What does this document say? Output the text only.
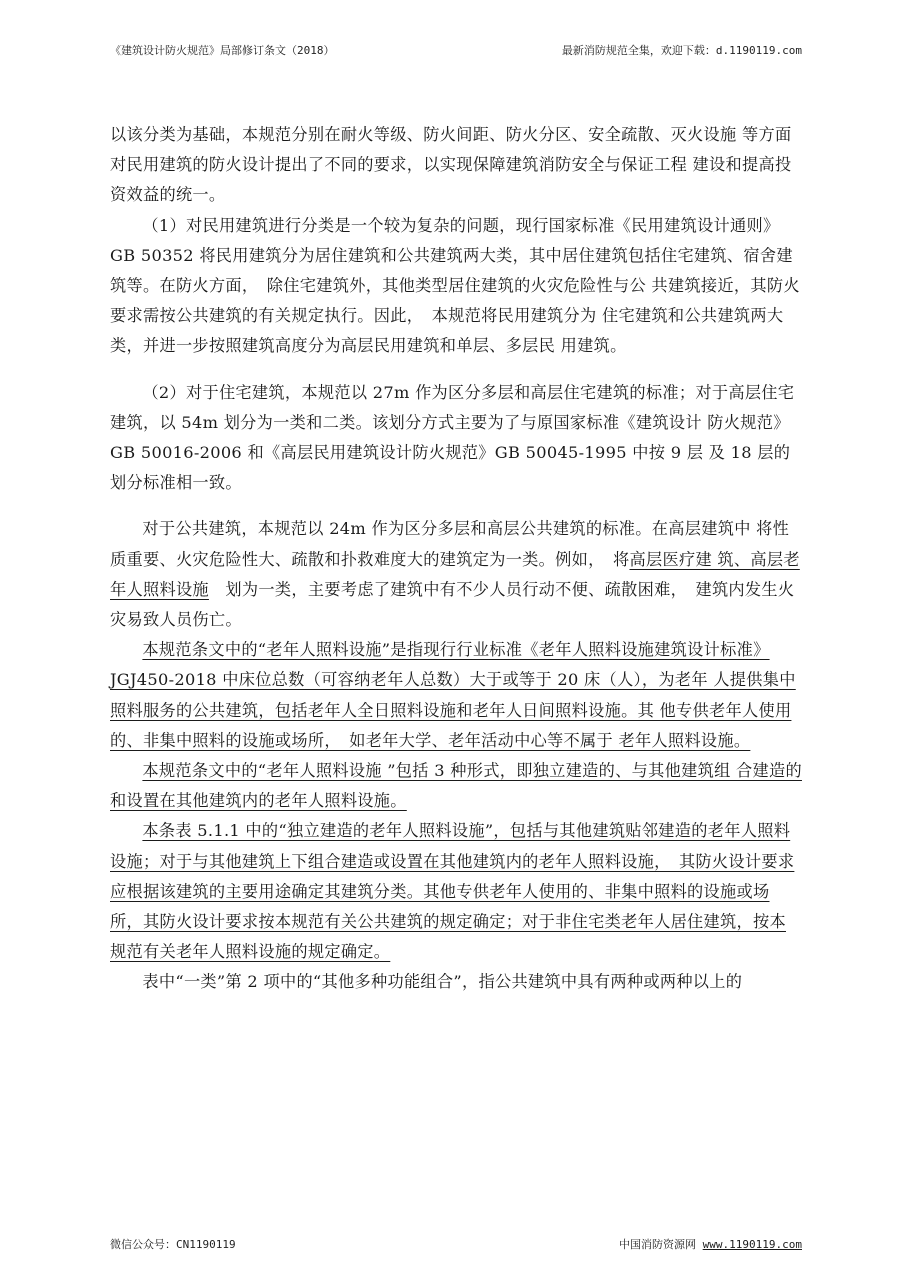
《建筑设计防火规范》局部修订条文（2018）	最新消防规范全集，欢迎下载：d.1190119.com

以该分类为基础，本规范分别在耐火等级、防火间距、防火分区、安全疏散、灭火设施 等方面对民用建筑的防火设计提出了不同的要求，以实现保障建筑消防安全与保证工程 建设和提高投资效益的统一。

（1）对民用建筑进行分类是一个较为复杂的问题，现行国家标准《民用建筑设计通则》GB 50352 将民用建筑分为居住建筑和公共建筑两大类，其中居住建筑包括住宅建筑、宿舍建筑等。在防火方面，　除住宅建筑外，其他类型居住建筑的火灾危险性与公 共建筑接近，其防火要求需按公共建筑的有关规定执行。因此，　本规范将民用建筑分为 住宅建筑和公共建筑两大类，并进一步按照建筑高度分为高层民用建筑和单层、多层民 用建筑。

（2）对于住宅建筑，本规范以 27m 作为区分多层和高层住宅建筑的标准；对于高层住宅建筑，以 54m 划分为一类和二类。该划分方式主要为了与原国家标准《建筑设计 防火规范》GB 50016-2006 和《高层民用建筑设计防火规范》GB 50045-1995 中按 9 层 及 18 层的划分标准相一致。

对于公共建筑，本规范以 24m 作为区分多层和高层公共建筑的标准。在高层建筑中 将性质重要、火灾危险性大、疏散和扑救难度大的建筑定为一类。例如，　将高层医疗建 筑、高层老年人照料设施　划为一类，主要考虑了建筑中有不少人员行动不便、疏散困难，　建筑内发生火灾易致人员伤亡。

本规范条文中的“老年人照料设施”是指现行行业标准《老年人照料设施建筑设计标准》JGJ450-2018 中床位总数（可容纳老年人总数）大于或等于 20 床（人），为老年 人提供集中照料服务的公共建筑，包括老年人全日照料设施和老年人日间照料设施。其 他专供老年人使用的、非集中照料的设施或场所，　如老年大学、老年活动中心等不属于 老年人照料设施。

本规范条文中的“老年人照料设施 ”包括 3 种形式，即独立建造的、与其他建筑组 合建造的和设置在其他建筑内的老年人照料设施。

本条表 5.1.1 中的“独立建造的老年人照料设施”，包括与其他建筑贴邻建造的老年人照料设施；对于与其他建筑上下组合建造或设置在其他建筑内的老年人照料设施，　其防火设计要求应根据该建筑的主要用途确定其建筑分类。其他专供老年人使用的、非集中照料的设施或场所，其防火设计要求按本规范有关公共建筑的规定确定；对于非住宅类老年人居住建筑，按本规范有关老年人照料设施的规定确定。

表中“一类”第 2 项中的“其他多种功能组合”，指公共建筑中具有两种或两种以上的

微信公众号：CN1190119	中国消防资源网 www.1190119.com
